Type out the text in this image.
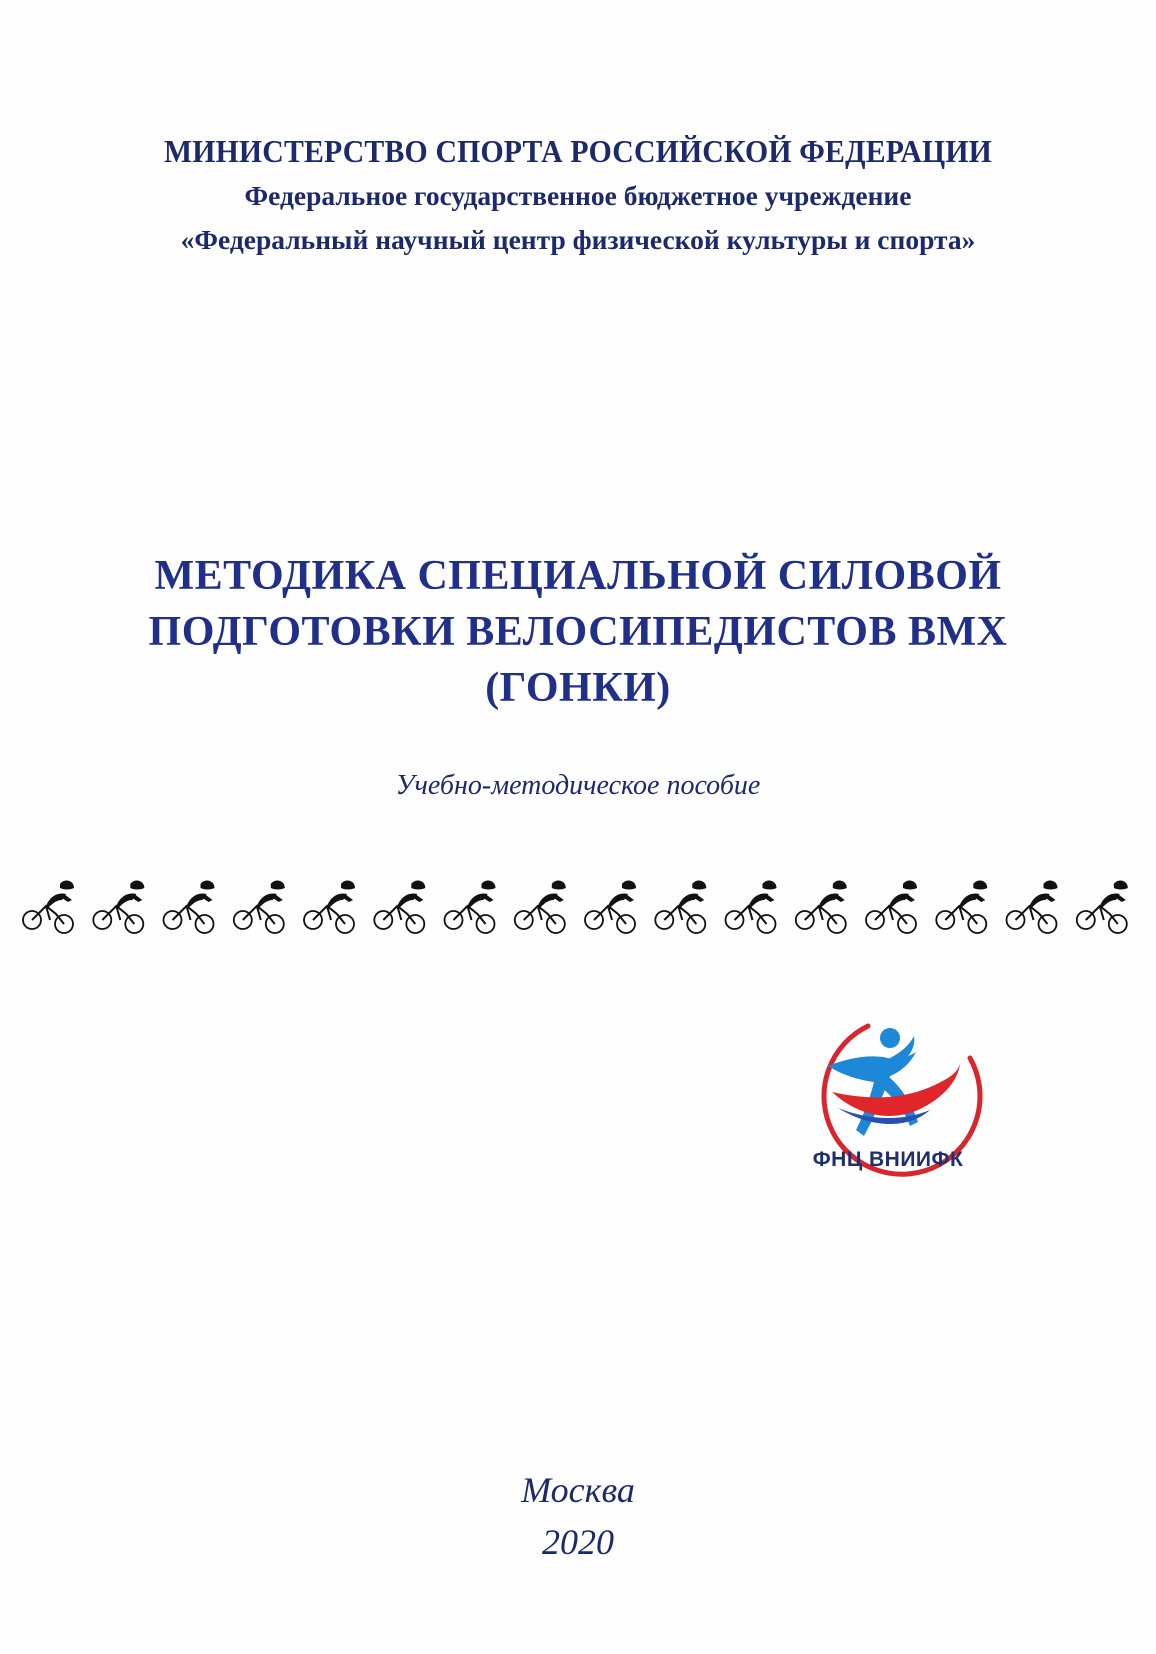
МИНИСТЕРСТВО СПОРТА РОССИЙСКОЙ ФЕДЕРАЦИИ
Федеральное государственное бюджетное учреждение
«Федеральный научный центр физической культуры и спорта»
МЕТОДИКА СПЕЦИАЛЬНОЙ СИЛОВОЙ
ПОДГОТОВКИ ВЕЛОСИПЕДИСТОВ BMX
(ГОНКИ)
Учебно-методическое пособие
ФНЦ ВНИИФК
Москва
2020
